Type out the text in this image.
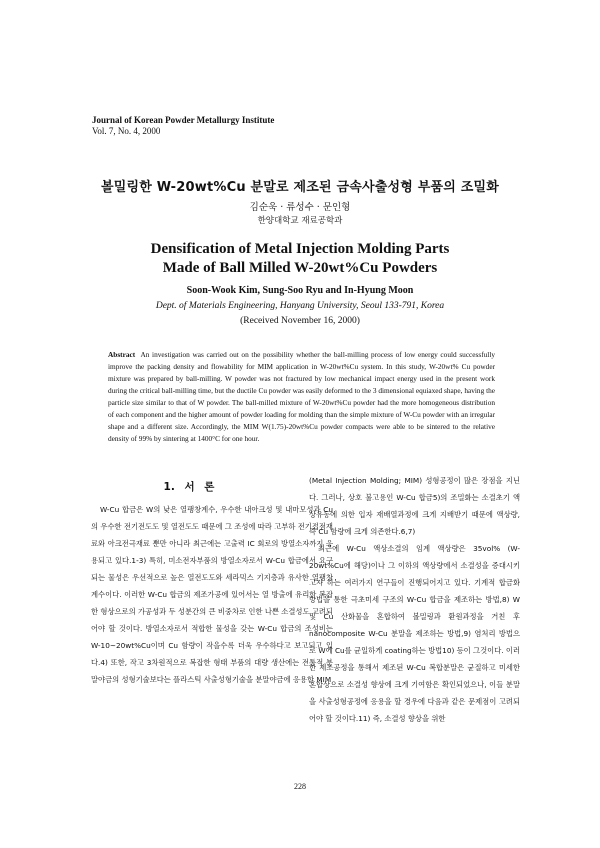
Journal of Korean Powder Metallurgy Institute
Vol. 7, No. 4, 2000
볼밀링한 W-20wt%Cu 분말로 제조된 금속사출성형 부품의 조밀화
김순욱 · 류성수 · 문인형
한양대학교 재료공학과
Densification of Metal Injection Molding Parts
Made of Ball Milled W-20wt%Cu Powders
Soon-Wook Kim, Sung-Soo Ryu and In-Hyung Moon
Dept. of Materials Engineering, Hanyang University, Seoul 133-791, Korea
(Received November 16, 2000)
Abstract An investigation was carried out on the possibility whether the ball-milling process of low energy could successfully improve the packing density and flowability for MIM application in W-20wt%Cu system. In this study, W-20wt% Cu powder mixture was prepared by ball-milling. W powder was not fractured by low mechanical impact energy used in the present work during the critical ball-milling time, but the ductile Cu powder was easily deformed to the 3 dimensional equiaxed shape, having the particle size similar to that of W powder. The ball-milled mixture of W-20wt%Cu powder had the more homogeneous distribution of each component and the higher amount of powder loading for molding than the simple mixture of W-Cu powder with an irregular shape and a different size. Accordingly, the MIM W(1.75)-20wt%Cu powder compacts were able to be sintered to the relative density of 99% by sintering at 1400°C for one hour.
1. 서 론

W-Cu 합금은 W의 낮은 열팽창계수, 우수한 내아크성 및 내마모성과 Cu의 우수한 전기전도도 및 열전도도 때문에 그 조성에 따라 고부하 전기접점재료와 아크전극재료 뿐만 아니라 최근에는 고출력 IC 회로의 방열소자까지 응용되고 있다.1-3) 특히, 미소전자부품의 방열소자로서 W-Cu 합금에서 요구되는 물성은 우선적으로 높은 열전도도와 세라믹스 기지층과 유사한 열팽창계수이다. 이러한 W-Cu 합금의 제조가공에 있어서는 열 방출에 유리한 복잡한 형상으로의 가공성과 두 성분간의 큰 비중차로 인한 나쁜 소결성도 고려되어야 할 것이다. 방열소자로서 적합한 물성을 갖는 W-Cu 합금의 조성비는 W-10~20wt%Cu이며 Cu 함량이 작을수록 더욱 우수하다고 보고되고 있다.4) 또한, 작고 3차원적으로 복잡한 형태 부품의 대량 생산에는 전통적 분말야금의 성형기술보다는 플라스틱 사출성형기술을 분말야금에 응용한 MIM

(Metal Injection Molding; MIM) 성형공정이 많은 장점을 지닌다. 그러나, 상호 불고용인 W-Cu 합금5)의 조밀화는 소결초기 액상유동에 의한 입자 재배열과정에 크게 지배받기 때문에 액상량, 즉 Cu 함량에 크게 의존한다.6,7)

최근에 W-Cu 액상소결의 임계 액상량은 35vol% (W-20wt%Cu에 해당)이나 그 이하의 액상량에서 소결성을 증대시키고자 하는 여러가지 연구들이 진행되어지고 있다. 기계적 합금화 방법을 통한 극초미세 구조의 W-Cu 합금을 제조하는 방법,8) W 및 Cu 산화물을 혼합하여 볼밀링과 환원과정을 거친 후 nanocomposite W-Cu 분말을 제조하는 방법,9) 염처리 방법으로 W에 Cu를 균일하게 coating하는 방법10) 등이 그것이다. 이러한 제조공정을 통해서 제조된 W-Cu 복합분말은 균질하고 미세한 혼합상으로 소결성 향상에 크게 기여함은 확인되었으나, 이들 분말을 사출성형공정에 응용을 할 경우에 다음과 같은 문제점이 고려되어야 할 것이다.11) 즉, 소결성 향상을 위한

228
